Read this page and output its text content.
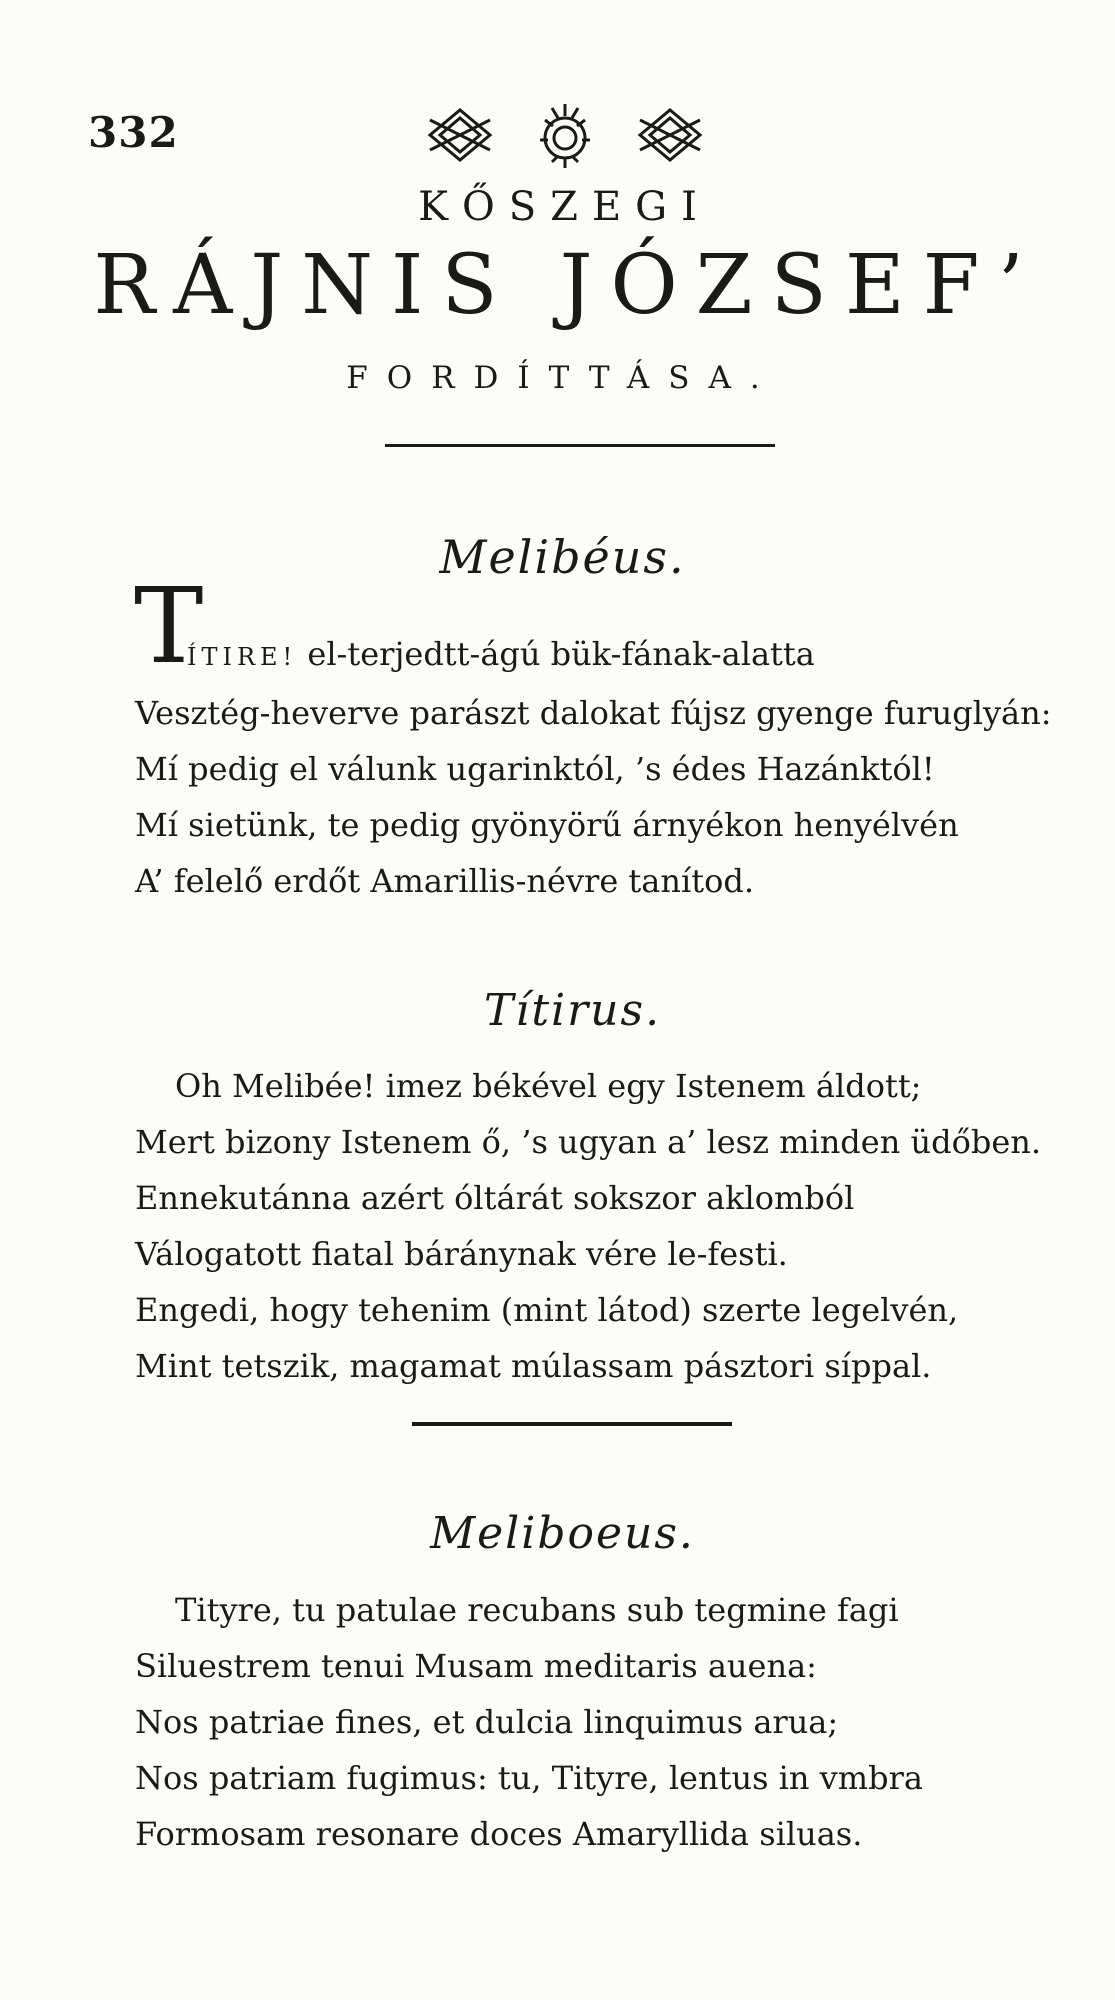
332
KŐSZEGI
RÁJNIS JÓZSEF’
FORDÍTTÁSA.
Melibéus.
T
ÍTIRE! el-terjedtt-ágú bük-fának-alatta
Vesztég-heverve parászt dalokat fújsz gyenge furuglyán:
Mí pedig el válunk ugarinktól, ’s édes Hazánktól!
Mí sietünk, te pedig gyönyörű árnyékon henyélvén
A’ felelő erdőt Amarillis-névre tanítod.
Títirus.
Oh Melibée! imez békével egy Istenem áldott;
Mert bizony Istenem ő, ’s ugyan a’ lesz minden üdőben.
Ennekutánna azért óltárát sokszor aklomból
Válogatott fiatal báránynak vére le-festi.
Engedi, hogy tehenim (mint látod) szerte legelvén,
Mint tetszik, magamat múlassam pásztori síppal.
Meliboeus.
Tityre, tu patulae recubans sub tegmine fagi
Siluestrem tenui Musam meditaris auena:
Nos patriae fines, et dulcia linquimus arua;
Nos patriam fugimus: tu, Tityre, lentus in vmbra
Formosam resonare doces Amaryllida siluas.
